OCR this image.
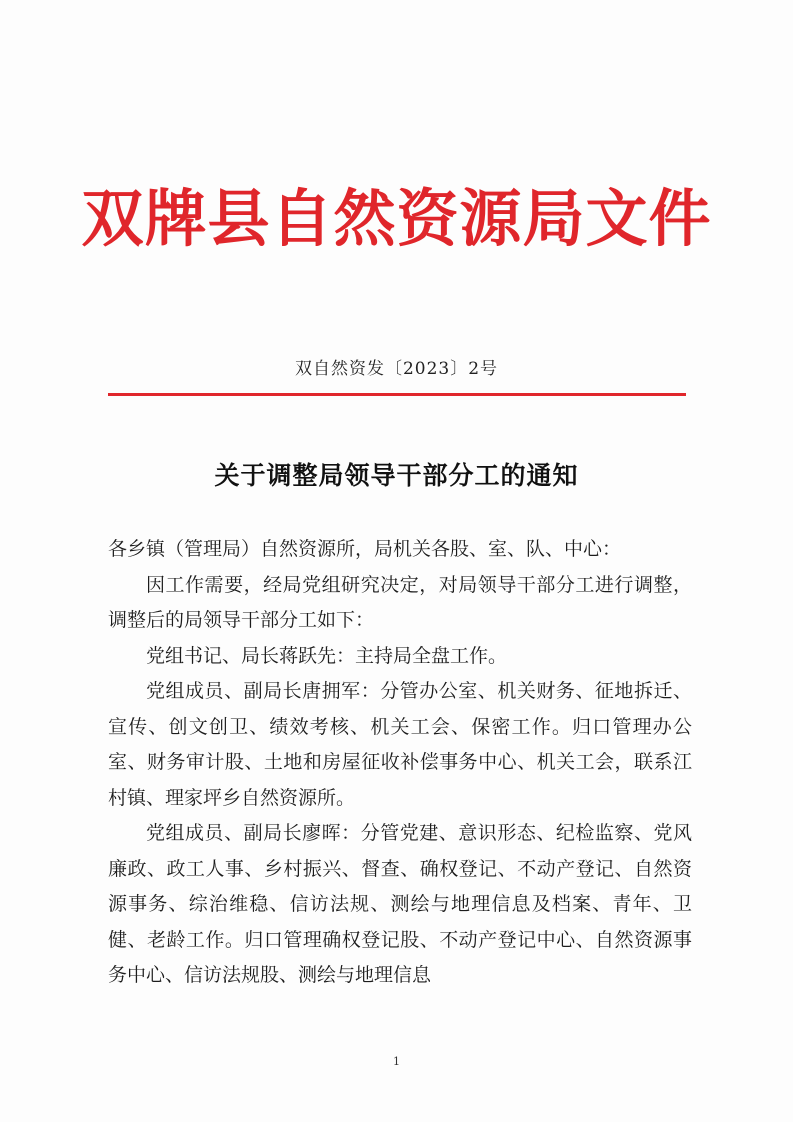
双牌县自然资源局文件
双自然资发〔2023〕2号
关于调整局领导干部分工的通知

各乡镇（管理局）自然资源所，局机关各股、室、队、中心：

因工作需要，经局党组研究决定，对局领导干部分工进行调整，调整后的局领导干部分工如下：

党组书记、局长蒋跃先：主持局全盘工作。

党组成员、副局长唐拥军：分管办公室、机关财务、征地拆迁、宣传、创文创卫、绩效考核、机关工会、保密工作。归口管理办公室、财务审计股、土地和房屋征收补偿事务中心、机关工会，联系江村镇、理家坪乡自然资源所。

党组成员、副局长廖晖：分管党建、意识形态、纪检监察、党风廉政、政工人事、乡村振兴、督查、确权登记、不动产登记、自然资源事务、综治维稳、信访法规、测绘与地理信息及档案、青年、卫健、老龄工作。归口管理确权登记股、不动产登记中心、自然资源事务中心、信访法规股、测绘与地理信息

1
